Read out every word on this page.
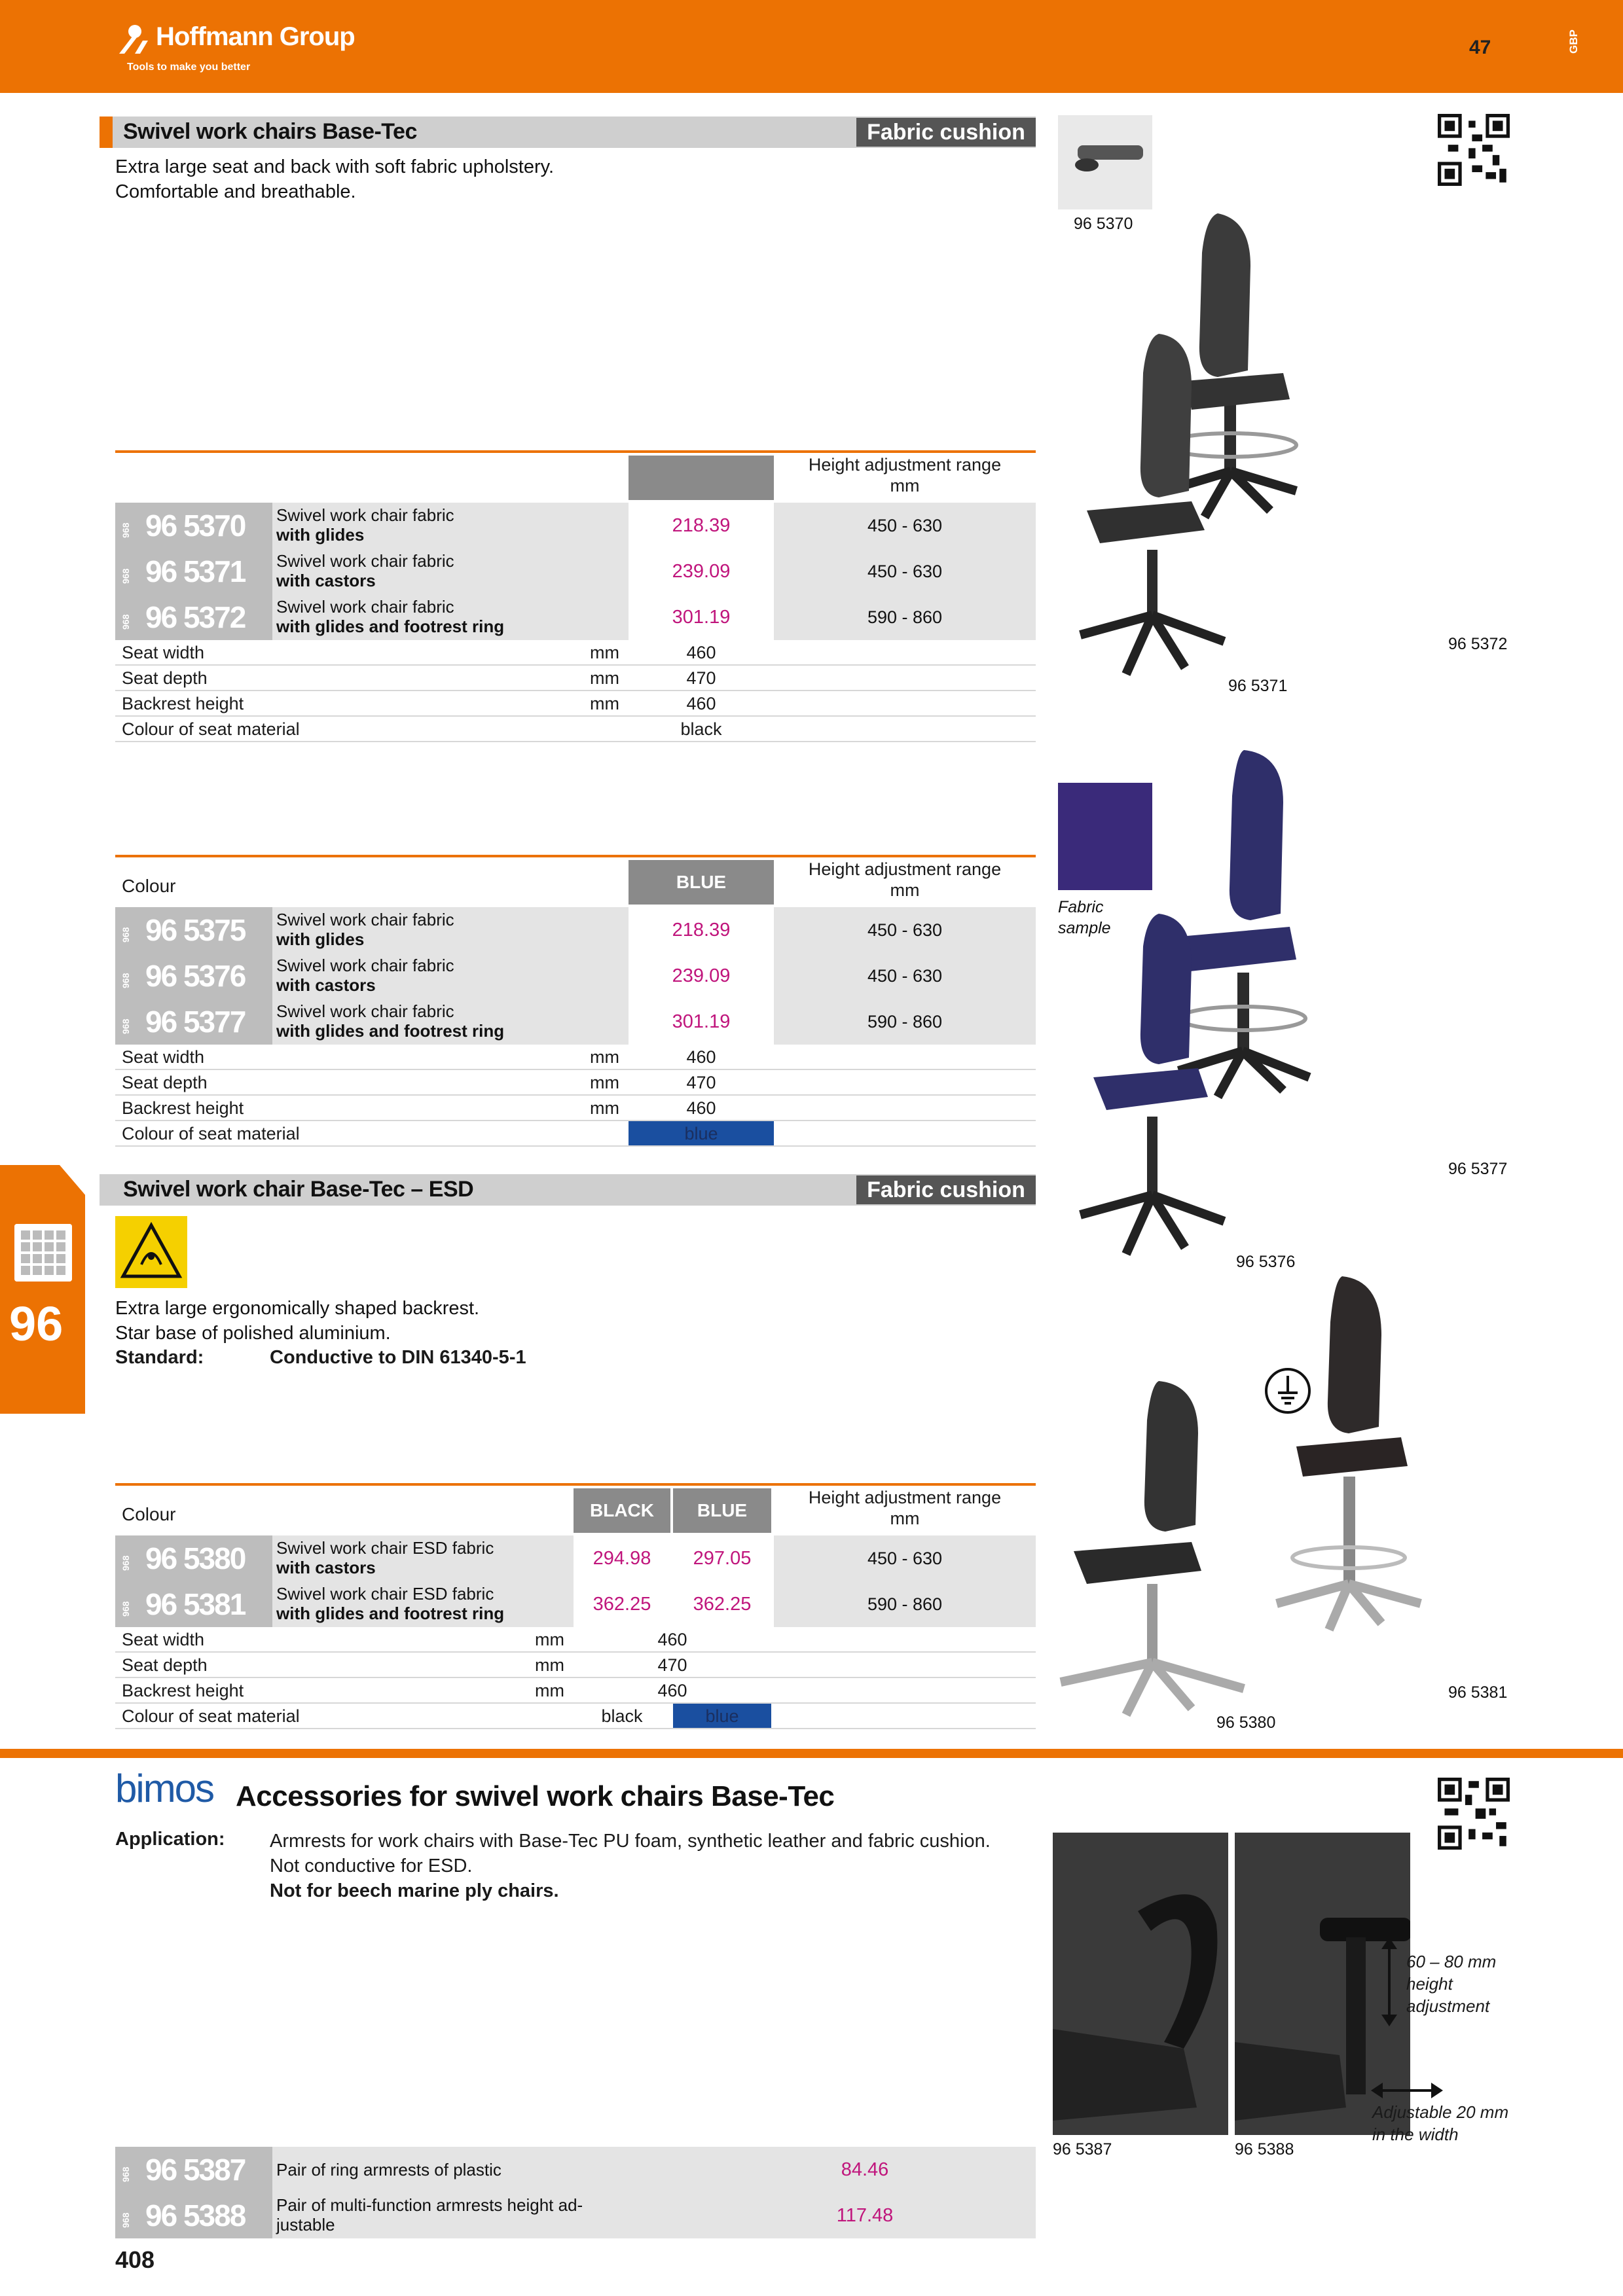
Hoffmann Group
Tools to make you better
47	GBP
96
Swivel work chairs Base-Tec	Fabric cushion
Extra large seat and back with soft fabric upholstery.
Comfortable and breathable.
Height adjustment range
mm
968 96 5370 Swivel work chair fabric
with glides	218.39	450 - 630
968 96 5371 Swivel work chair fabric
with castors	239.09	450 - 630
968 96 5372 Swivel work chair fabric
with glides and footrest ring	301.19	590 - 860
Seat width	mm	460
Seat depth	mm	470
Backrest height	mm	460
Colour of seat material	black
96 5370
96 5372
96 5371
Colour	BLUE
Height adjustment range
mm
968 96 5375 Swivel work chair fabric
with glides	218.39	450 - 630
968 96 5376 Swivel work chair fabric
with castors	239.09	450 - 630
968 96 5377 Swivel work chair fabric
with glides and footrest ring	301.19	590 - 860
Seat width	mm	460
Seat depth	mm	470
Backrest height	mm	460
Colour of seat material	blue
Fabric
sample
96 5377
96 5376
Swivel work chair Base-Tec – ESD	Fabric cushion
Extra large ergonomically shaped backrest.
Star base of polished aluminium.
Standard:	Conductive to DIN 61340-5-1
Colour	BLACK	BLUE
Height adjustment range
mm
968 96 5380 Swivel work chair ESD fabric
with castors	294.98	297.05	450 - 630
968 96 5381 Swivel work chair ESD fabric
with glides and footrest ring	362.25	362.25	590 - 860
Seat width	mm	460
Seat depth	mm	470
Backrest height	mm	460
Colour of seat material	black	blue
96 5381
96 5380
bimos Accessories for swivel work chairs Base-Tec
Application: Armrests for work chairs with Base-Tec PU foam, synthetic leather and fabric cushion.
Not conductive for ESD.
Not for beech marine ply chairs.
60 – 80 mm
height
adjustment
Adjustable 20 mm
in the width
96 5387	96 5388
968 96 5387 Pair of ring armrests of plastic	84.46
968 96 5388 Pair of multi-function armrests height ad-
justable	117.48
408
